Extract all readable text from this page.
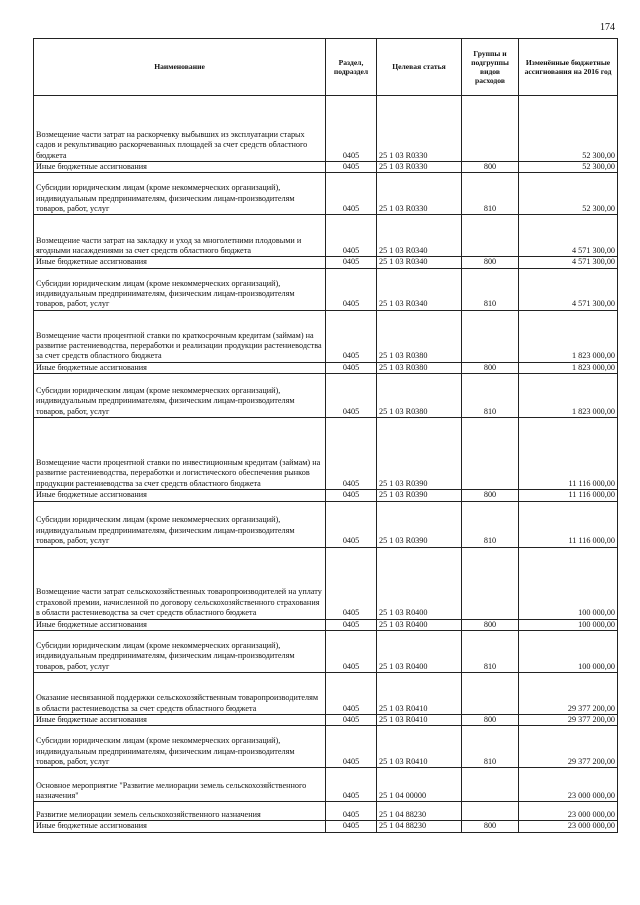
174
Наименование	Раздел, подраздел	Целевая статья	Группы и подгруппы видов расходов	Изменённые бюджетные ассигнования на 2016 год
Возмещение части затрат на раскорчевку выбывших из эксплуатации старых садов и рекультивацию раскорчеванных площадей за счет средств областного бюджета	0405	25 1 03 R0330		52 300,00
Иные бюджетные ассигнования	0405	25 1 03 R0330	800	52 300,00
Субсидии юридическим лицам (кроме некоммерческих организаций), индивидуальным предпринимателям, физическим лицам-производителям товаров, работ, услуг	0405	25 1 03 R0330	810	52 300,00
Возмещение части затрат на закладку и уход за многолетними плодовыми и ягодными насаждениями за счет средств областного бюджета	0405	25 1 03 R0340		4 571 300,00
Иные бюджетные ассигнования	0405	25 1 03 R0340	800	4 571 300,00
Субсидии юридическим лицам (кроме некоммерческих организаций), индивидуальным предпринимателям, физическим лицам-производителям товаров, работ, услуг	0405	25 1 03 R0340	810	4 571 300,00
Возмещение части процентной ставки по краткосрочным кредитам (займам) на развитие растениеводства, переработки и реализации продукции растениеводства за счет средств областного бюджета	0405	25 1 03 R0380		1 823 000,00
Иные бюджетные ассигнования	0405	25 1 03 R0380	800	1 823 000,00
Субсидии юридическим лицам (кроме некоммерческих организаций), индивидуальным предпринимателям, физическим лицам-производителям товаров, работ, услуг	0405	25 1 03 R0380	810	1 823 000,00
Возмещение части процентной ставки по инвестиционным кредитам (займам) на развитие растениеводства, переработки и логистического обеспечения рынков продукции растениеводства за счет средств областного бюджета	0405	25 1 03 R0390		11 116 000,00
Иные бюджетные ассигнования	0405	25 1 03 R0390	800	11 116 000,00
Субсидии юридическим лицам (кроме некоммерческих организаций), индивидуальным предпринимателям, физическим лицам-производителям товаров, работ, услуг	0405	25 1 03 R0390	810	11 116 000,00
Возмещение части затрат сельскохозяйственных товаропроизводителей на уплату страховой премии, начисленной по договору сельскохозяйственного страхования в области растениеводства за счет средств областного бюджета	0405	25 1 03 R0400		100 000,00
Иные бюджетные ассигнования	0405	25 1 03 R0400	800	100 000,00
Субсидии юридическим лицам (кроме некоммерческих организаций), индивидуальным предпринимателям, физическим лицам-производителям товаров, работ, услуг	0405	25 1 03 R0400	810	100 000,00
Оказание несвязанной поддержки сельскохозяйственным товаропроизводителям в области растениеводства за счет средств областного бюджета	0405	25 1 03 R0410		29 377 200,00
Иные бюджетные ассигнования	0405	25 1 03 R0410	800	29 377 200,00
Субсидии юридическим лицам (кроме некоммерческих организаций), индивидуальным предпринимателям, физическим лицам-производителям товаров, работ, услуг	0405	25 1 03 R0410	810	29 377 200,00
Основное мероприятие "Развитие мелиорации земель сельскохозяйственного назначения"	0405	25 1 04 00000		23 000 000,00
Развитие мелиорации земель сельскохозяйственного назначения	0405	25 1 04 88230		23 000 000,00
Иные бюджетные ассигнования	0405	25 1 04 88230	800	23 000 000,00
